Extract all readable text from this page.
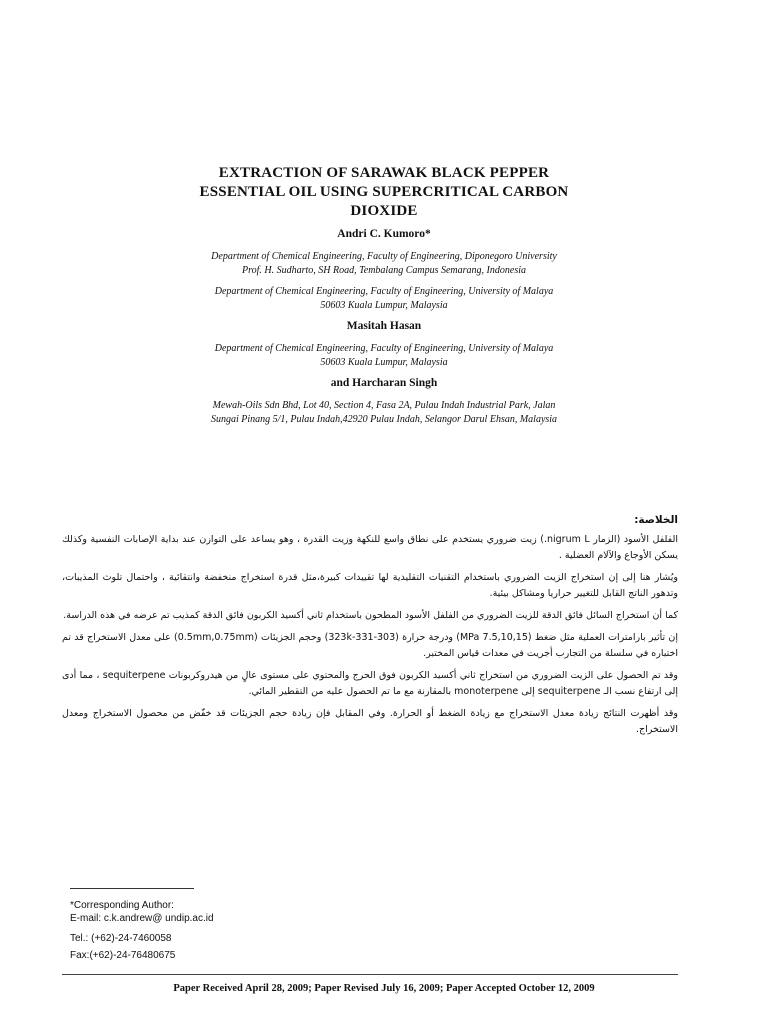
EXTRACTION OF SARAWAK BLACK PEPPER
ESSENTIAL OIL USING SUPERCRITICAL CARBON
DIOXIDE
Andri C. Kumoro*
Department of Chemical Engineering, Faculty of Engineering, Diponegoro University
Prof. H. Sudharto, SH Road, Tembalang Campus Semarang, Indonesia
Department of Chemical Engineering, Faculty of Engineering, University of Malaya
50603 Kuala Lumpur, Malaysia
Masitah Hasan
Department of Chemical Engineering, Faculty of Engineering, University of Malaya
50603 Kuala Lumpur, Malaysia
and Harcharan Singh
Mewah-Oils Sdn Bhd, Lot 40, Section 4, Fasa 2A, Pulau Indah Industrial Park, Jalan
Sungai Pinang 5/1, Pulau Indah,42920 Pulau Indah, Selangor Darul Ehsan, Malaysia
الخلاصة:

الفلفل الأسود (الزمار nigrum L.) زيت ضروري يستخدم على نطاق واسع للنكهة وزيت القدرة ، وهو يساعد على التوازن عند بداية الإصابات النفسية وكذلك يسكن الأوجاع والآلام العضلية .

ويُشار هنا إلى إن استخراج الزيت الضروري باستخدام التقنيات التقليدية لها تقييدات كبيرة،مثل قدرة استخراج منخفضة وانتقائية ، واحتمال تلوث المذيبات، وتدهور الناتج القابل للتغيير حراريا ومشاكل بيئية.

كما أن استخراج السائل فائق الدقة للزيت الضروري من الفلفل الأسود المطحون باستخدام ثاني أكسيد الكربون فائق الدقة كمذيب تم عرضه في هذه الدراسة.

إن تأثير بارامترات العملية مثل ضغط (7.5,10,15 MPa) ودرجة حرارة (303-331-323k) وحجم الجزيئات (0.5mm,0.75mm) على معدل الاستخراج قد تم اختباره في سلسلة من التجارب أجريت في معدات قياس المختبر.

وقد تم الحصول على الزيت الضروري من استخراج ثاني أكسيد الكربون فوق الحرج والمحتوي على مستوى عالٍ من هيدروكربونات sequiterpene ، مما أدى إلى ارتفاع نسب الـ sequiterpene إلى monoterpene بالمقارنة مع ما تم الحصول عليه من التقطير المائي.

وقد أظهرت النتائج زيادة معدل الاستخراج مع زيادة الضغط أو الحرارة. وفي المقابل فإن زيادة حجم الجزيئات قد خفّض من محصول الاستخراج ومعدل الاستخراج.

*Corresponding Author:
E-mail: c.k.andrew@ undip.ac.id
Tel.: (+62)-24-7460058
Fax:(+62)-24-76480675
Paper Received April 28, 2009; Paper Revised July 16, 2009; Paper Accepted October 12, 2009
